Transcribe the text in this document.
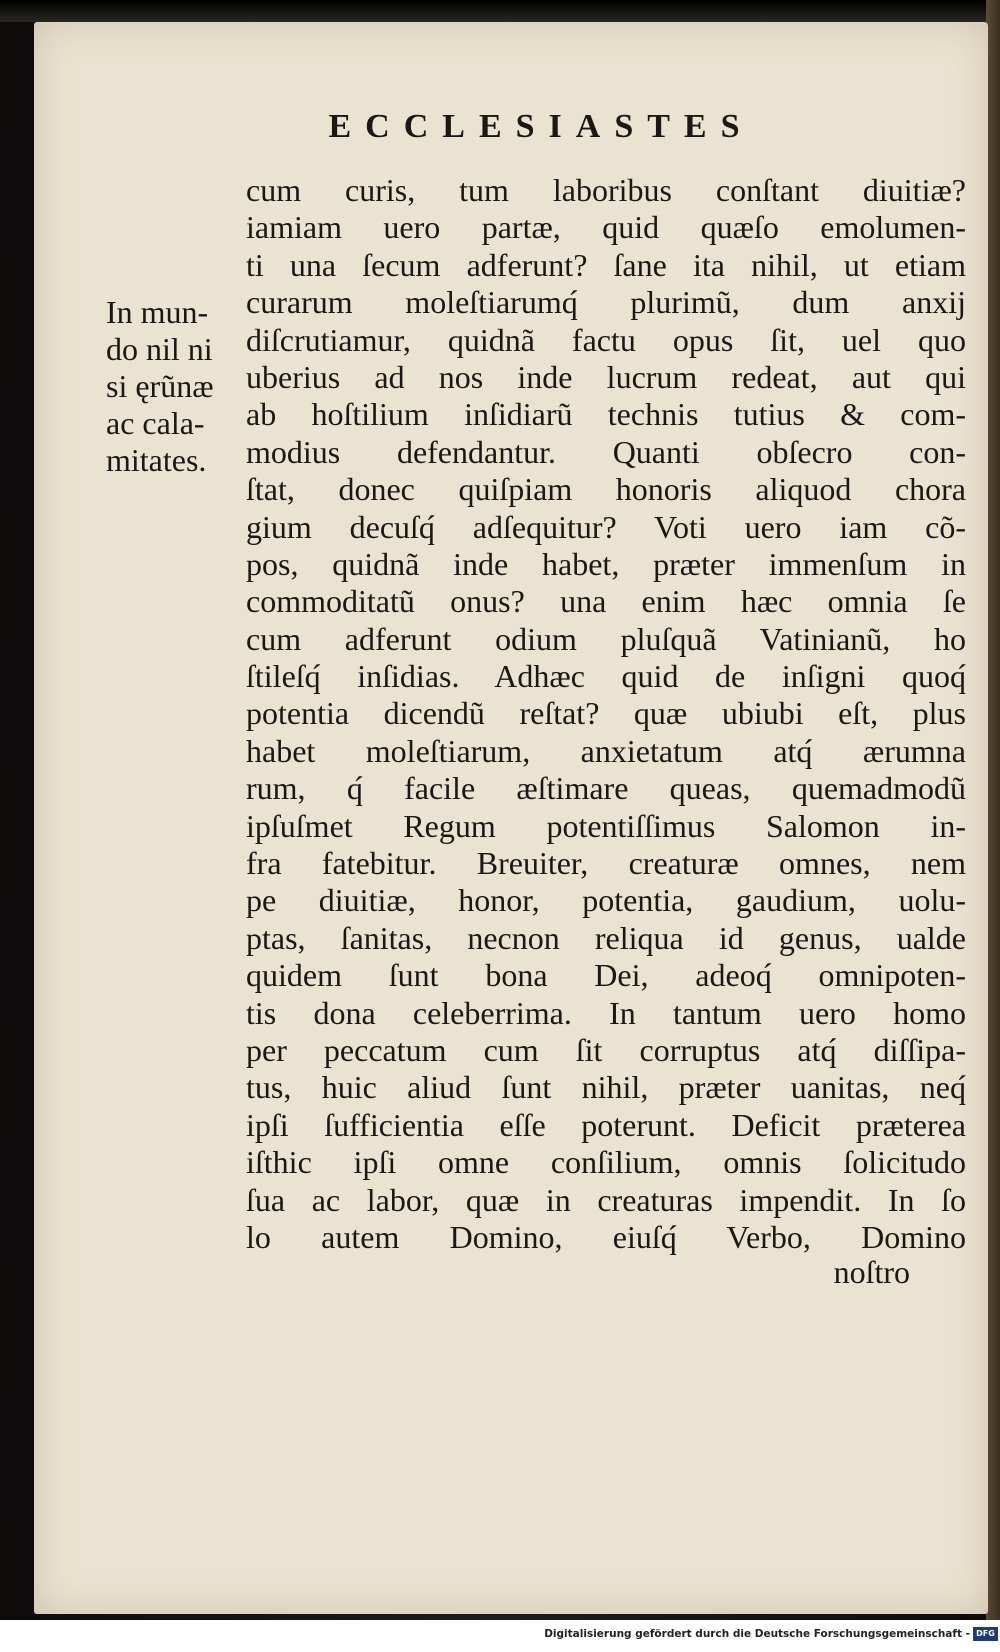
ECCLESIASTES
In mun-
do nil ni
si ęrũnæ
ac cala-
mitates.
cum curis, tum laboribus conſtant diuitiæ?
iamiam uero partæ, quid quæſo emolumen-
ti una ſecum adferunt? ſane ita nihil, ut etiam
curarum moleſtiarumq́ plurimũ, dum anxij
diſcrutiamur, quidnã factu opus ſit, uel quo
uberius ad nos inde lucrum redeat, aut qui
ab hoſtilium inſidiarũ technis tutius & com-
modius defendantur. Quanti obſecro con-
ſtat, donec quiſpiam honoris aliquod chora
gium decuſq́ adſequitur? Voti uero iam cõ-
pos, quidnã inde habet, præter immenſum in
commoditatũ onus? una enim hæc omnia ſe
cum adferunt odium pluſquã Vatinianũ, ho
ſtileſq́ inſidias. Adhæc quid de inſigni quoq́
potentia dicendũ reſtat? quæ ubiubi eſt, plus
habet moleſtiarum, anxietatum atq́ ærumna
rum, q́ facile æſtimare queas, quemadmodũ
ipſuſmet Regum potentiſſimus Salomon in-
fra fatebitur. Breuiter, creaturæ omnes, nem
pe diuitiæ, honor, potentia, gaudium, uolu-
ptas, ſanitas, necnon reliqua id genus, ualde
quidem ſunt bona Dei, adeoq́ omnipoten-
tis dona celeberrima. In tantum uero homo
per peccatum cum ſit corruptus atq́ diſſipa-
tus, huic aliud ſunt nihil, præter uanitas, neq́
ipſi ſufficientia eſſe poterunt. Deficit præterea
iſthic ipſi omne conſilium, omnis ſolicitudo
ſua ac labor, quæ in creaturas impendit. In ſo
lo autem Domino, eiuſq́ Verbo, Domino
noſtro
Digitalisierung gefördert durch die Deutsche Forschungsgemeinschaft - DFG
